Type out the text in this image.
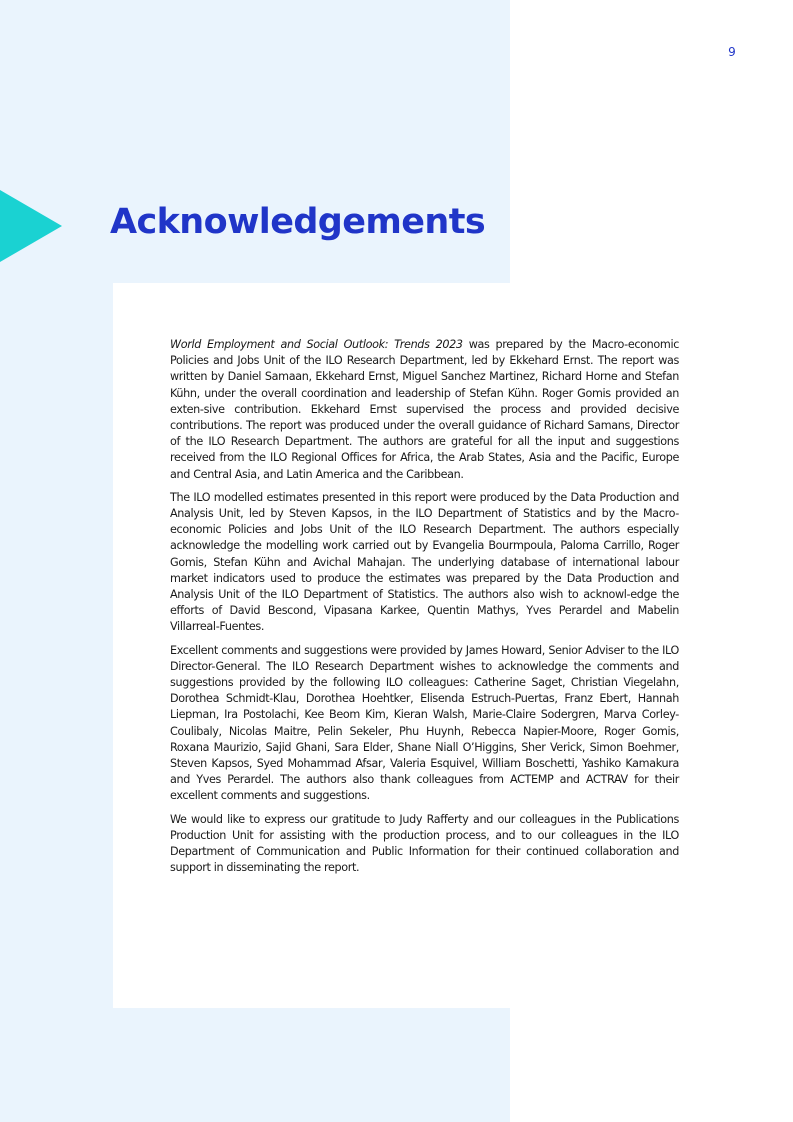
9
Acknowledgements

World Employment and Social Outlook: Trends 2023 was prepared by the Macro-economic Policies and Jobs Unit of the ILO Research Department, led by Ekkehard Ernst. The report was written by Daniel Samaan, Ekkehard Ernst, Miguel Sanchez Martinez, Richard Horne and Stefan Kühn, under the overall coordination and leadership of Stefan Kühn. Roger Gomis provided an exten-sive contribution. Ekkehard Ernst supervised the process and provided decisive contributions. The report was produced under the overall guidance of Richard Samans, Director of the ILO Research Department. The authors are grateful for all the input and suggestions received from the ILO Regional Offices for Africa, the Arab States, Asia and the Pacific, Europe and Central Asia, and Latin America and the Caribbean.

The ILO modelled estimates presented in this report were produced by the Data Production and Analysis Unit, led by Steven Kapsos, in the ILO Department of Statistics and by the Macro-economic Policies and Jobs Unit of the ILO Research Department. The authors especially acknowledge the modelling work carried out by Evangelia Bourmpoula, Paloma Carrillo, Roger Gomis, Stefan Kühn and Avichal Mahajan. The underlying database of international labour market indicators used to produce the estimates was prepared by the Data Production and Analysis Unit of the ILO Department of Statistics. The authors also wish to acknowl-edge the efforts of David Bescond, Vipasana Karkee, Quentin Mathys, Yves Perardel and Mabelin Villarreal-Fuentes.

Excellent comments and suggestions were provided by James Howard, Senior Adviser to the ILO Director-General. The ILO Research Department wishes to acknowledge the comments and suggestions provided by the following ILO colleagues: Catherine Saget, Christian Viegelahn, Dorothea Schmidt-Klau, Dorothea Hoehtker, Elisenda Estruch-Puertas, Franz Ebert, Hannah Liepman, Ira Postolachi, Kee Beom Kim, Kieran Walsh, Marie-Claire Sodergren, Marva Corley-Coulibaly, Nicolas Maitre, Pelin Sekeler, Phu Huynh, Rebecca Napier-Moore, Roger Gomis, Roxana Maurizio, Sajid Ghani, Sara Elder, Shane Niall O’Higgins, Sher Verick, Simon Boehmer, Steven Kapsos, Syed Mohammad Afsar, Valeria Esquivel, William Boschetti, Yashiko Kamakura and Yves Perardel. The authors also thank colleagues from ACTEMP and ACTRAV for their excellent comments and suggestions.

We would like to express our gratitude to Judy Rafferty and our colleagues in the Publications Production Unit for assisting with the production process, and to our colleagues in the ILO Department of Communication and Public Information for their continued collaboration and support in disseminating the report.
